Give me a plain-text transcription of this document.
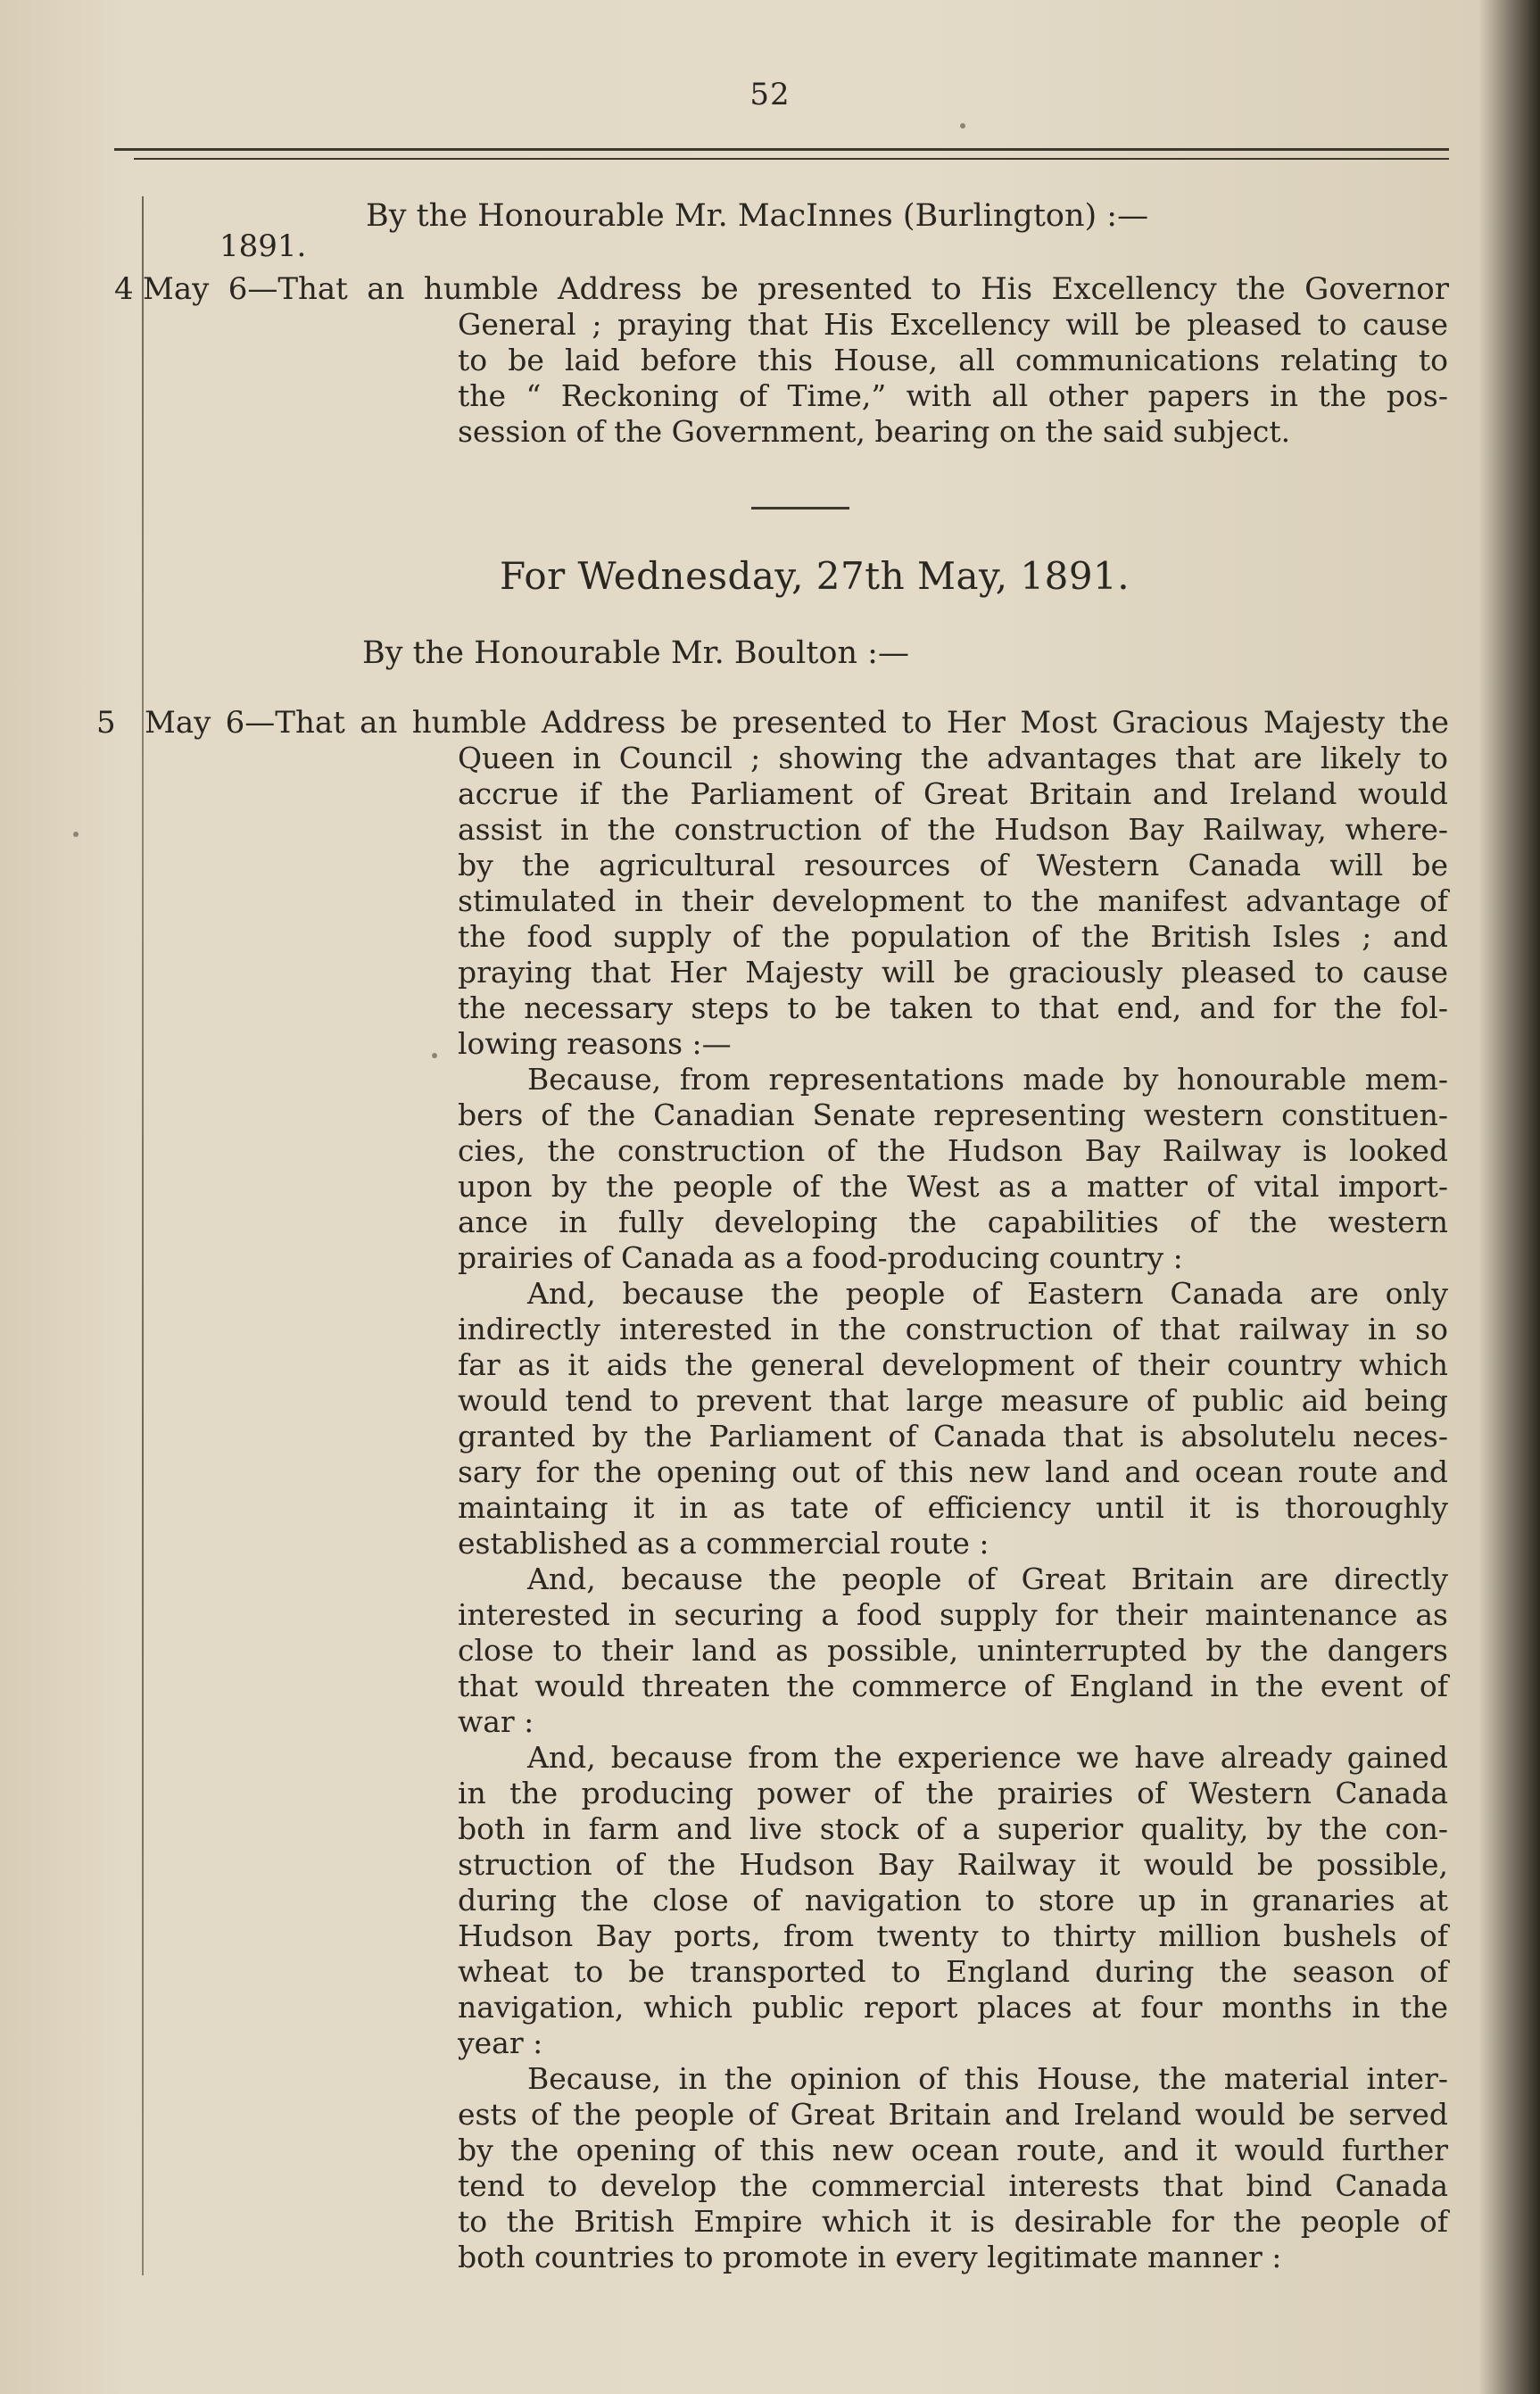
52
By the Honourable Mr. MacInnes (Burlington) :—
1891.
4 May 6—That an humble Address be presented to His Excellency the Governor
General ; praying that His Excellency will be pleased to cause
to be laid before this House, all communications relating to
the “ Reckoning of Time,” with all other papers in the pos-
session of the Government, bearing on the said subject.
For Wednesday, 27th May, 1891.
By the Honourable Mr. Boulton :—
5 May 6—That an humble Address be presented to Her Most Gracious Majesty the
Queen in Council ; showing the advantages that are likely to
accrue if the Parliament of Great Britain and Ireland would
assist in the construction of the Hudson Bay Railway, where-
by the agricultural resources of Western Canada will be
stimulated in their development to the manifest advantage of
the food supply of the population of the British Isles ; and
praying that Her Majesty will be graciously pleased to cause
the necessary steps to be taken to that end, and for the fol-
lowing reasons :—
Because, from representations made by honourable mem-
bers of the Canadian Senate representing western constituen-
cies, the construction of the Hudson Bay Railway is looked
upon by the people of the West as a matter of vital import-
ance in fully developing the capabilities of the western
prairies of Canada as a food-producing country :
And, because the people of Eastern Canada are only
indirectly interested in the construction of that railway in so
far as it aids the general development of their country which
would tend to prevent that large measure of public aid being
granted by the Parliament of Canada that is absolutelu neces-
sary for the opening out of this new land and ocean route and
maintaing it in as tate of efficiency until it is thoroughly
established as a commercial route :
And, because the people of Great Britain are directly
interested in securing a food supply for their maintenance as
close to their land as possible, uninterrupted by the dangers
that would threaten the commerce of England in the event of
war :
And, because from the experience we have already gained
in the producing power of the prairies of Western Canada
both in farm and live stock of a superior quality, by the con-
struction of the Hudson Bay Railway it would be possible,
during the close of navigation to store up in granaries at
Hudson Bay ports, from twenty to thirty million bushels of
wheat to be transported to England during the season of
navigation, which public report places at four months in the
year :
Because, in the opinion of this House, the material inter-
ests of the people of Great Britain and Ireland would be served
by the opening of this new ocean route, and it would further
tend to develop the commercial interests that bind Canada
to the British Empire which it is desirable for the people of
both countries to promote in every legitimate manner :
